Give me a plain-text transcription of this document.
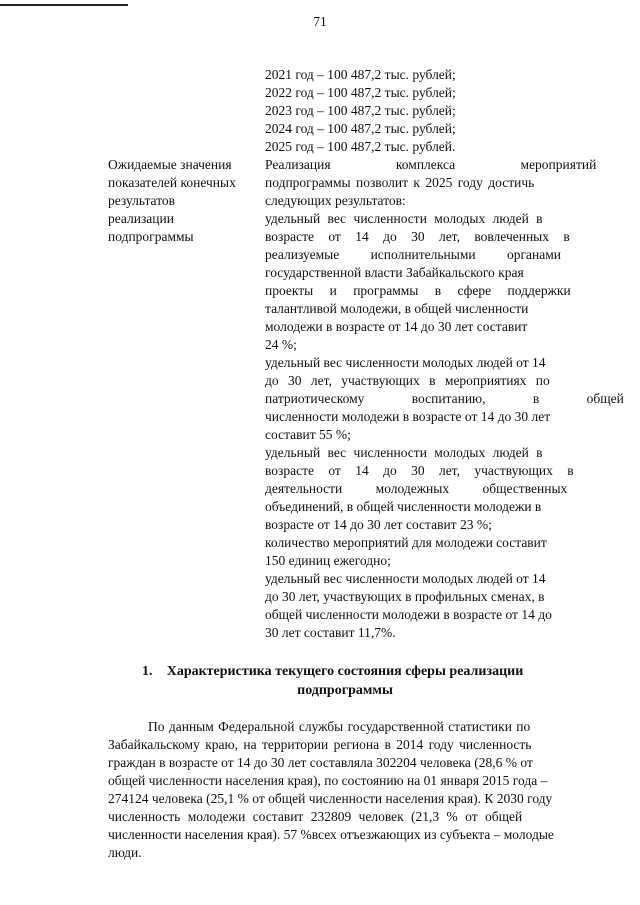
71
2021 год – 100 487,2 тыс. рублей;
2022 год – 100 487,2 тыс. рублей;
2023 год – 100 487,2 тыс. рублей;
2024 год – 100 487,2 тыс. рублей;
2025 год – 100 487,2 тыс. рублей.
Ожидаемые значения
показателей конечных
результатов
реализации
подпрограммы
Реализация комплекса мероприятий
подпрограммы позволит к 2025 году достичь
следующих результатов:
удельный вес численности молодых людей в
возрасте от 14 до 30 лет, вовлеченных в
реализуемые исполнительными органами
государственной власти Забайкальского края
проекты и программы в сфере поддержки
талантливой молодежи, в общей численности
молодежи в возрасте от 14 до 30 лет составит
24 %;
удельный вес численности молодых людей от 14
до 30 лет, участвующих в мероприятиях по
патриотическому воспитанию, в общей
численности молодежи в возрасте от 14 до 30 лет
составит 55 %;
удельный вес численности молодых людей в
возрасте от 14 до 30 лет, участвующих в
деятельности молодежных общественных
объединений, в общей численности молодежи в
возрасте от 14 до 30 лет составит 23 %;
количество мероприятий для молодежи составит
150 единиц ежегодно;
удельный вес численности молодых людей от 14
до 30 лет, участвующих в профильных сменах, в
общей численности молодежи в возрасте от 14 до
30 лет составит 11,7%.
1. Характеристика текущего состояния сферы реализации
подпрограммы
По данным Федеральной службы государственной статистики по
Забайкальскому краю, на территории региона в 2014 году численность
граждан в возрасте от 14 до 30 лет составляла 302204 человека (28,6 % от
общей численности населения края), по состоянию на 01 января 2015 года –
274124 человека (25,1 % от общей численности населения края). К 2030 году
численность молодежи составит 232809 человек (21,3 % от общей
численности населения края). 57 %всех отъезжающих из субъекта – молодые
люди.
